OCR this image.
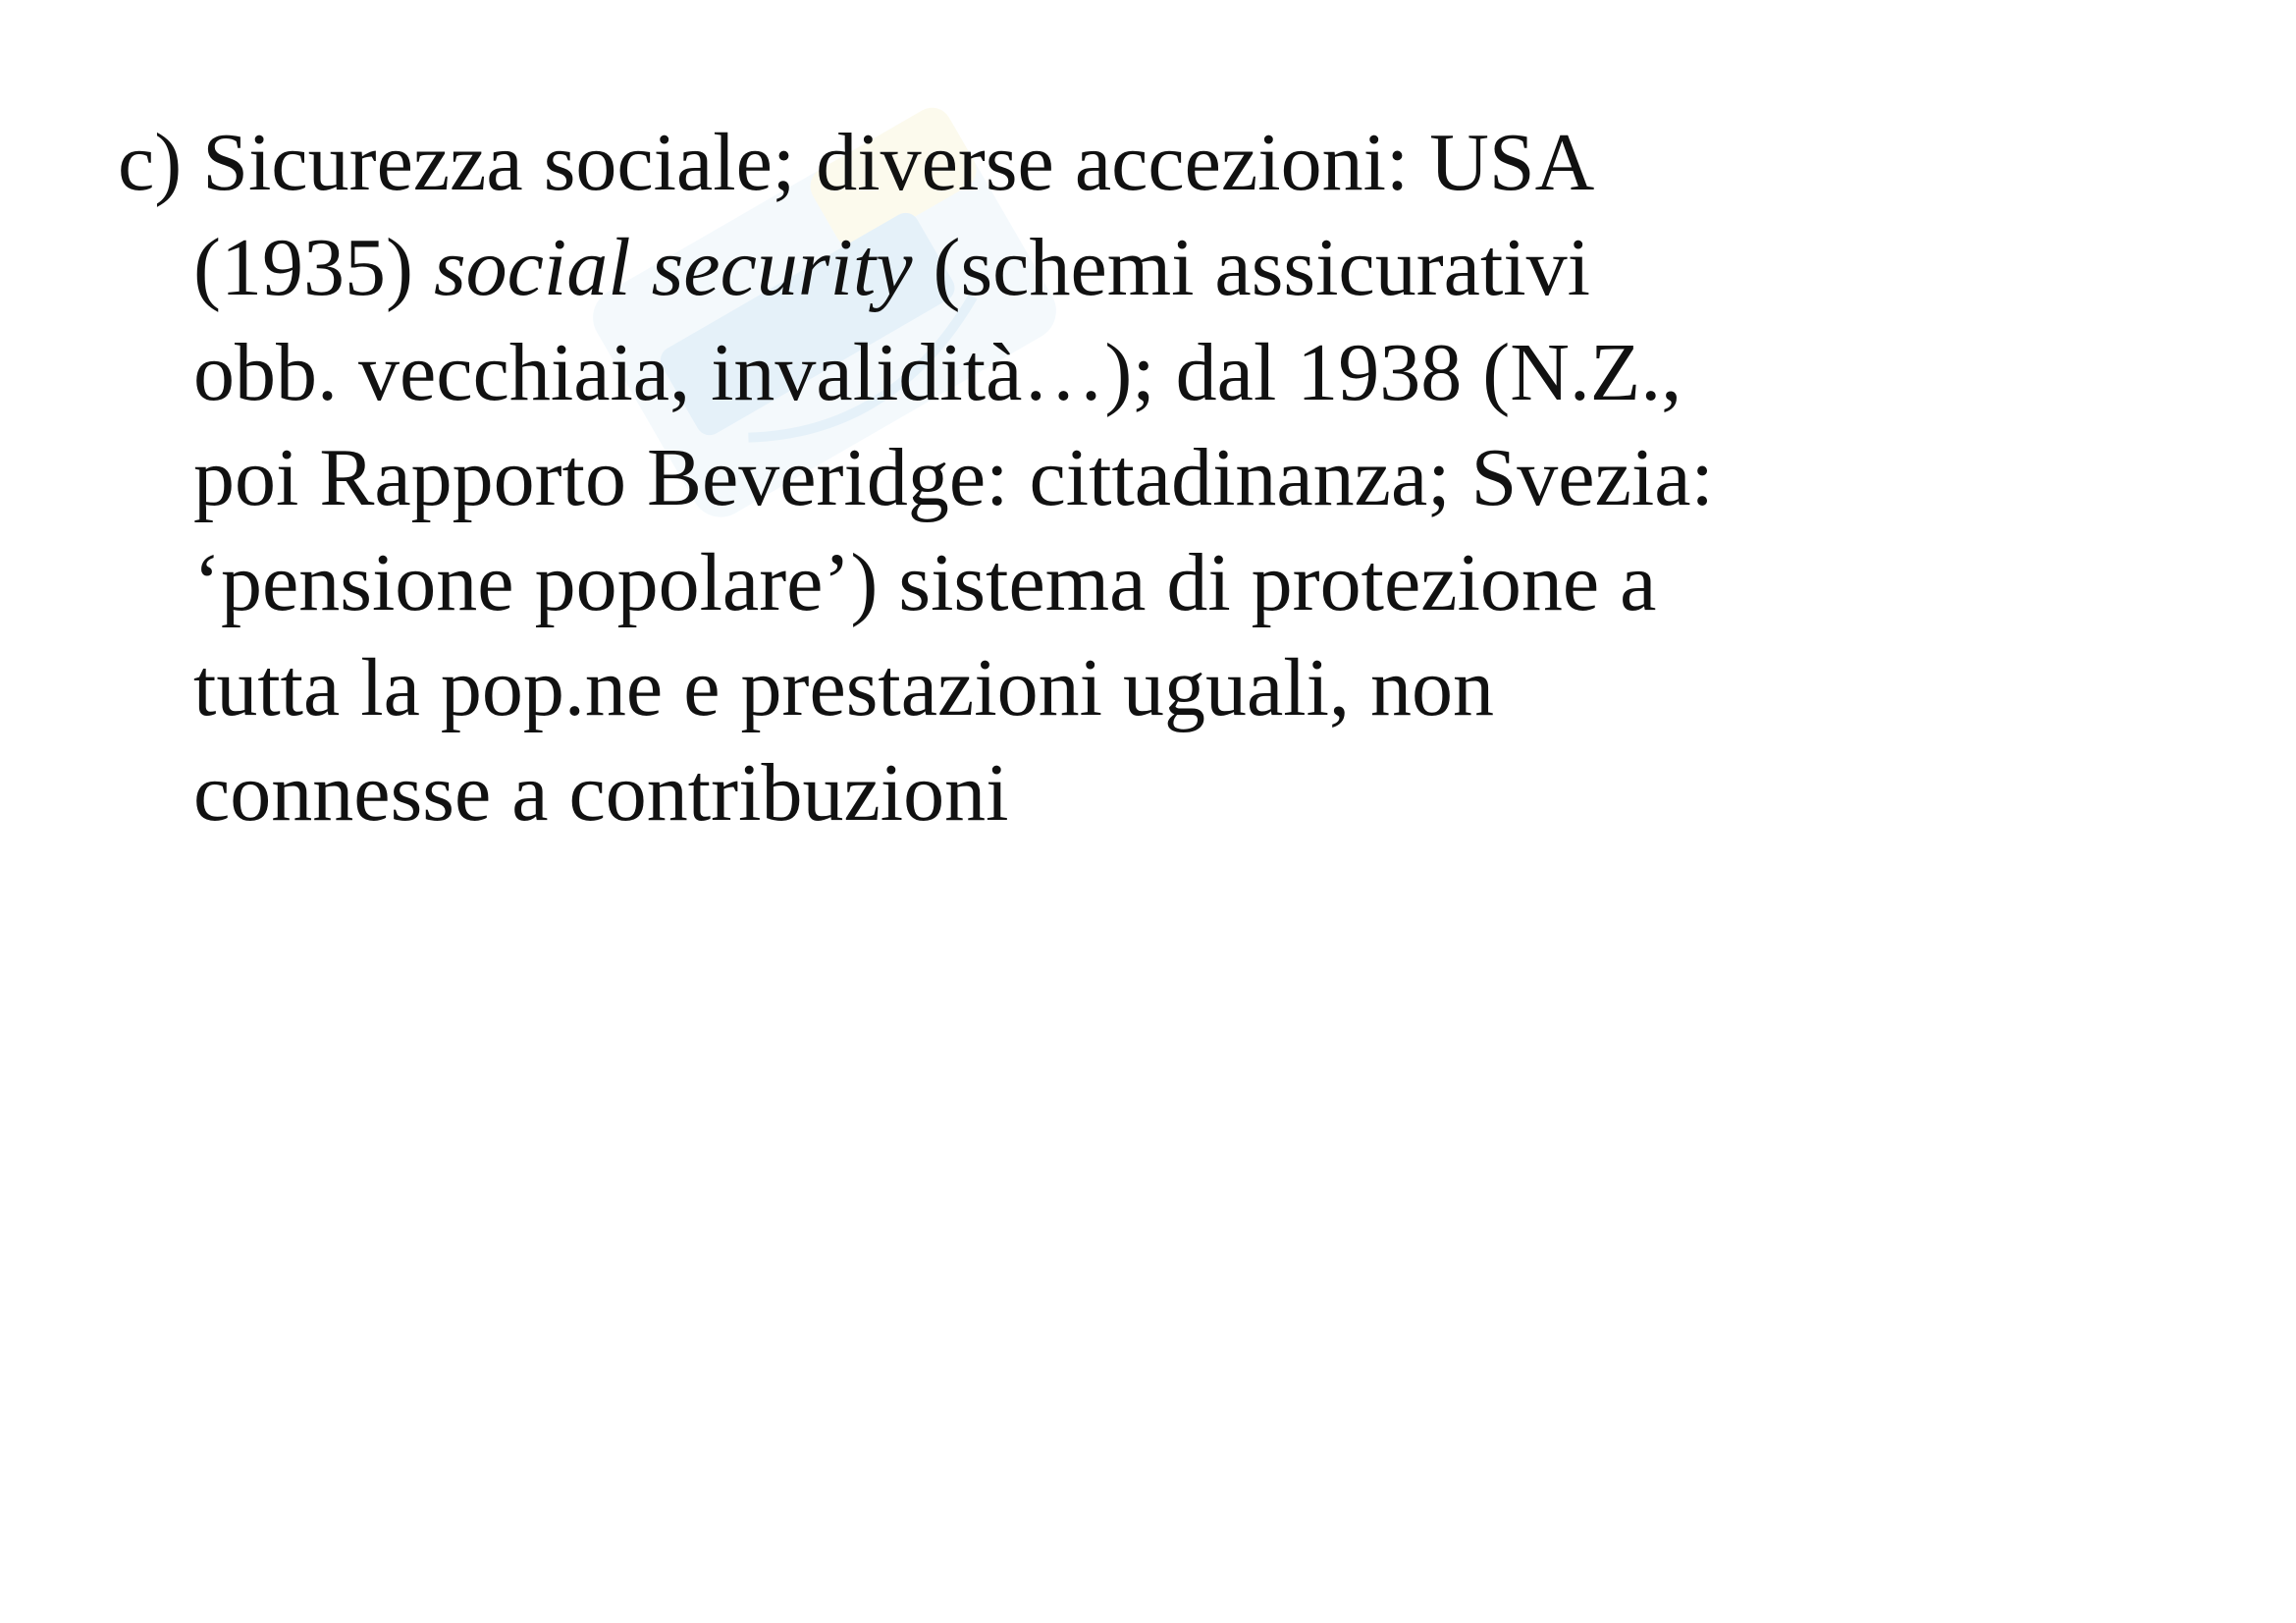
c) Sicurezza sociale; diverse accezioni: USA
(1935) social security (schemi assicurativi
obb. vecchiaia, invalidità…); dal 1938 (N.Z.,
poi Rapporto Beveridge: cittadinanza; Svezia:
‘pensione popolare’) sistema di protezione a
tutta la pop.ne e prestazioni uguali, non
connesse a contribuzioni
